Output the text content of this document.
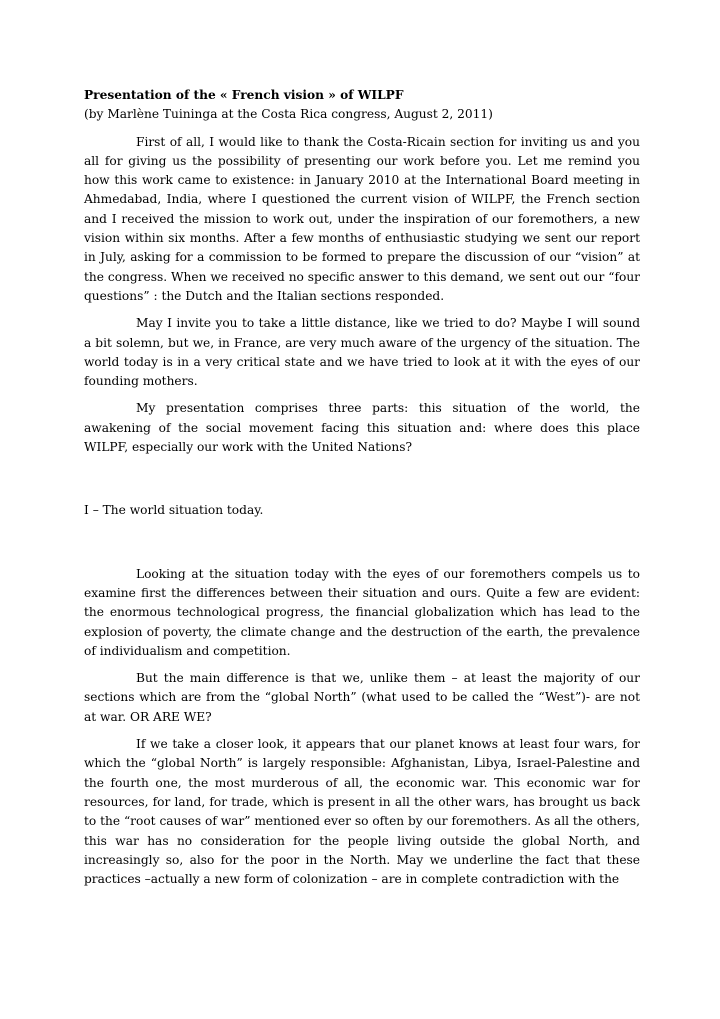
Presentation of the « French vision » of WILPF

(by Marlène Tuininga at the Costa Rica congress, August 2, 2011)

First of all, I would like to thank the Costa-Ricain section for inviting us and you all for giving us the possibility of presenting our work before you. Let me remind you how this work came to existence: in January 2010 at the International Board meeting in Ahmedabad, India, where I questioned the current vision of WILPF, the French section and I received the mission to work out, under the inspiration of our foremothers, a new vision within six months. After a few months of enthusiastic studying we sent our report in July, asking for a commission to be formed to prepare the discussion of our “vision” at the congress. When we received no specific answer to this demand, we sent out our “four questions” : the Dutch and the Italian sections responded.

May I invite you to take a little distance, like we tried to do? Maybe I will sound a bit solemn, but we, in France, are very much aware of the urgency of the situation. The world today is in a very critical state and we have tried to look at it with the eyes of our founding mothers.

My presentation comprises three parts: this situation of the world, the awakening of the social movement facing this situation and: where does this place WILPF, especially our work with the United Nations?

I – The world situation today.

Looking at the situation today with the eyes of our foremothers compels us to examine first the differences between their situation and ours. Quite a few are evident: the enormous technological progress, the financial globalization which has lead to the explosion of poverty, the climate change and the destruction of the earth, the prevalence of individualism and competition.

But the main difference is that we, unlike them – at least the majority of our sections which are from the “global North” (what used to be called the “West”)- are not at war. OR ARE WE?

If we take a closer look, it appears that our planet knows at least four wars, for which the “global North” is largely responsible: Afghanistan, Libya, Israel-Palestine and the fourth one, the most murderous of all, the economic war. This economic war for resources, for land, for trade, which is present in all the other wars, has brought us back to the “root causes of war” mentioned ever so often by our foremothers. As all the others, this war has no consideration for the people living outside the global North, and increasingly so, also for the poor in the North. May we underline the fact that these practices –actually a new form of colonization – are in complete contradiction with the
